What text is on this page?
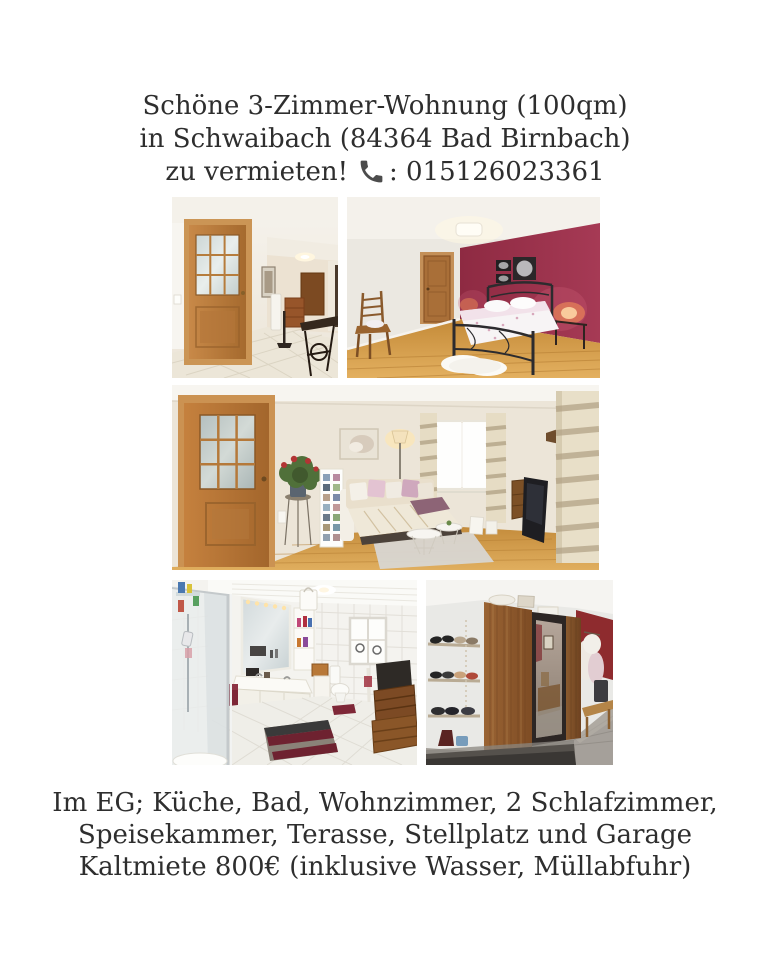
Schöne 3-Zimmer-Wohnung (100qm)
in Schwaibach (84364 Bad Birnbach)
zu vermieten! : 015126023361
Im EG; Küche, Bad, Wohnzimmer, 2 Schlafzimmer,
Speisekammer, Terasse, Stellplatz und Garage
Kaltmiete 800€ (inklusive Wasser, Müllabfuhr)
